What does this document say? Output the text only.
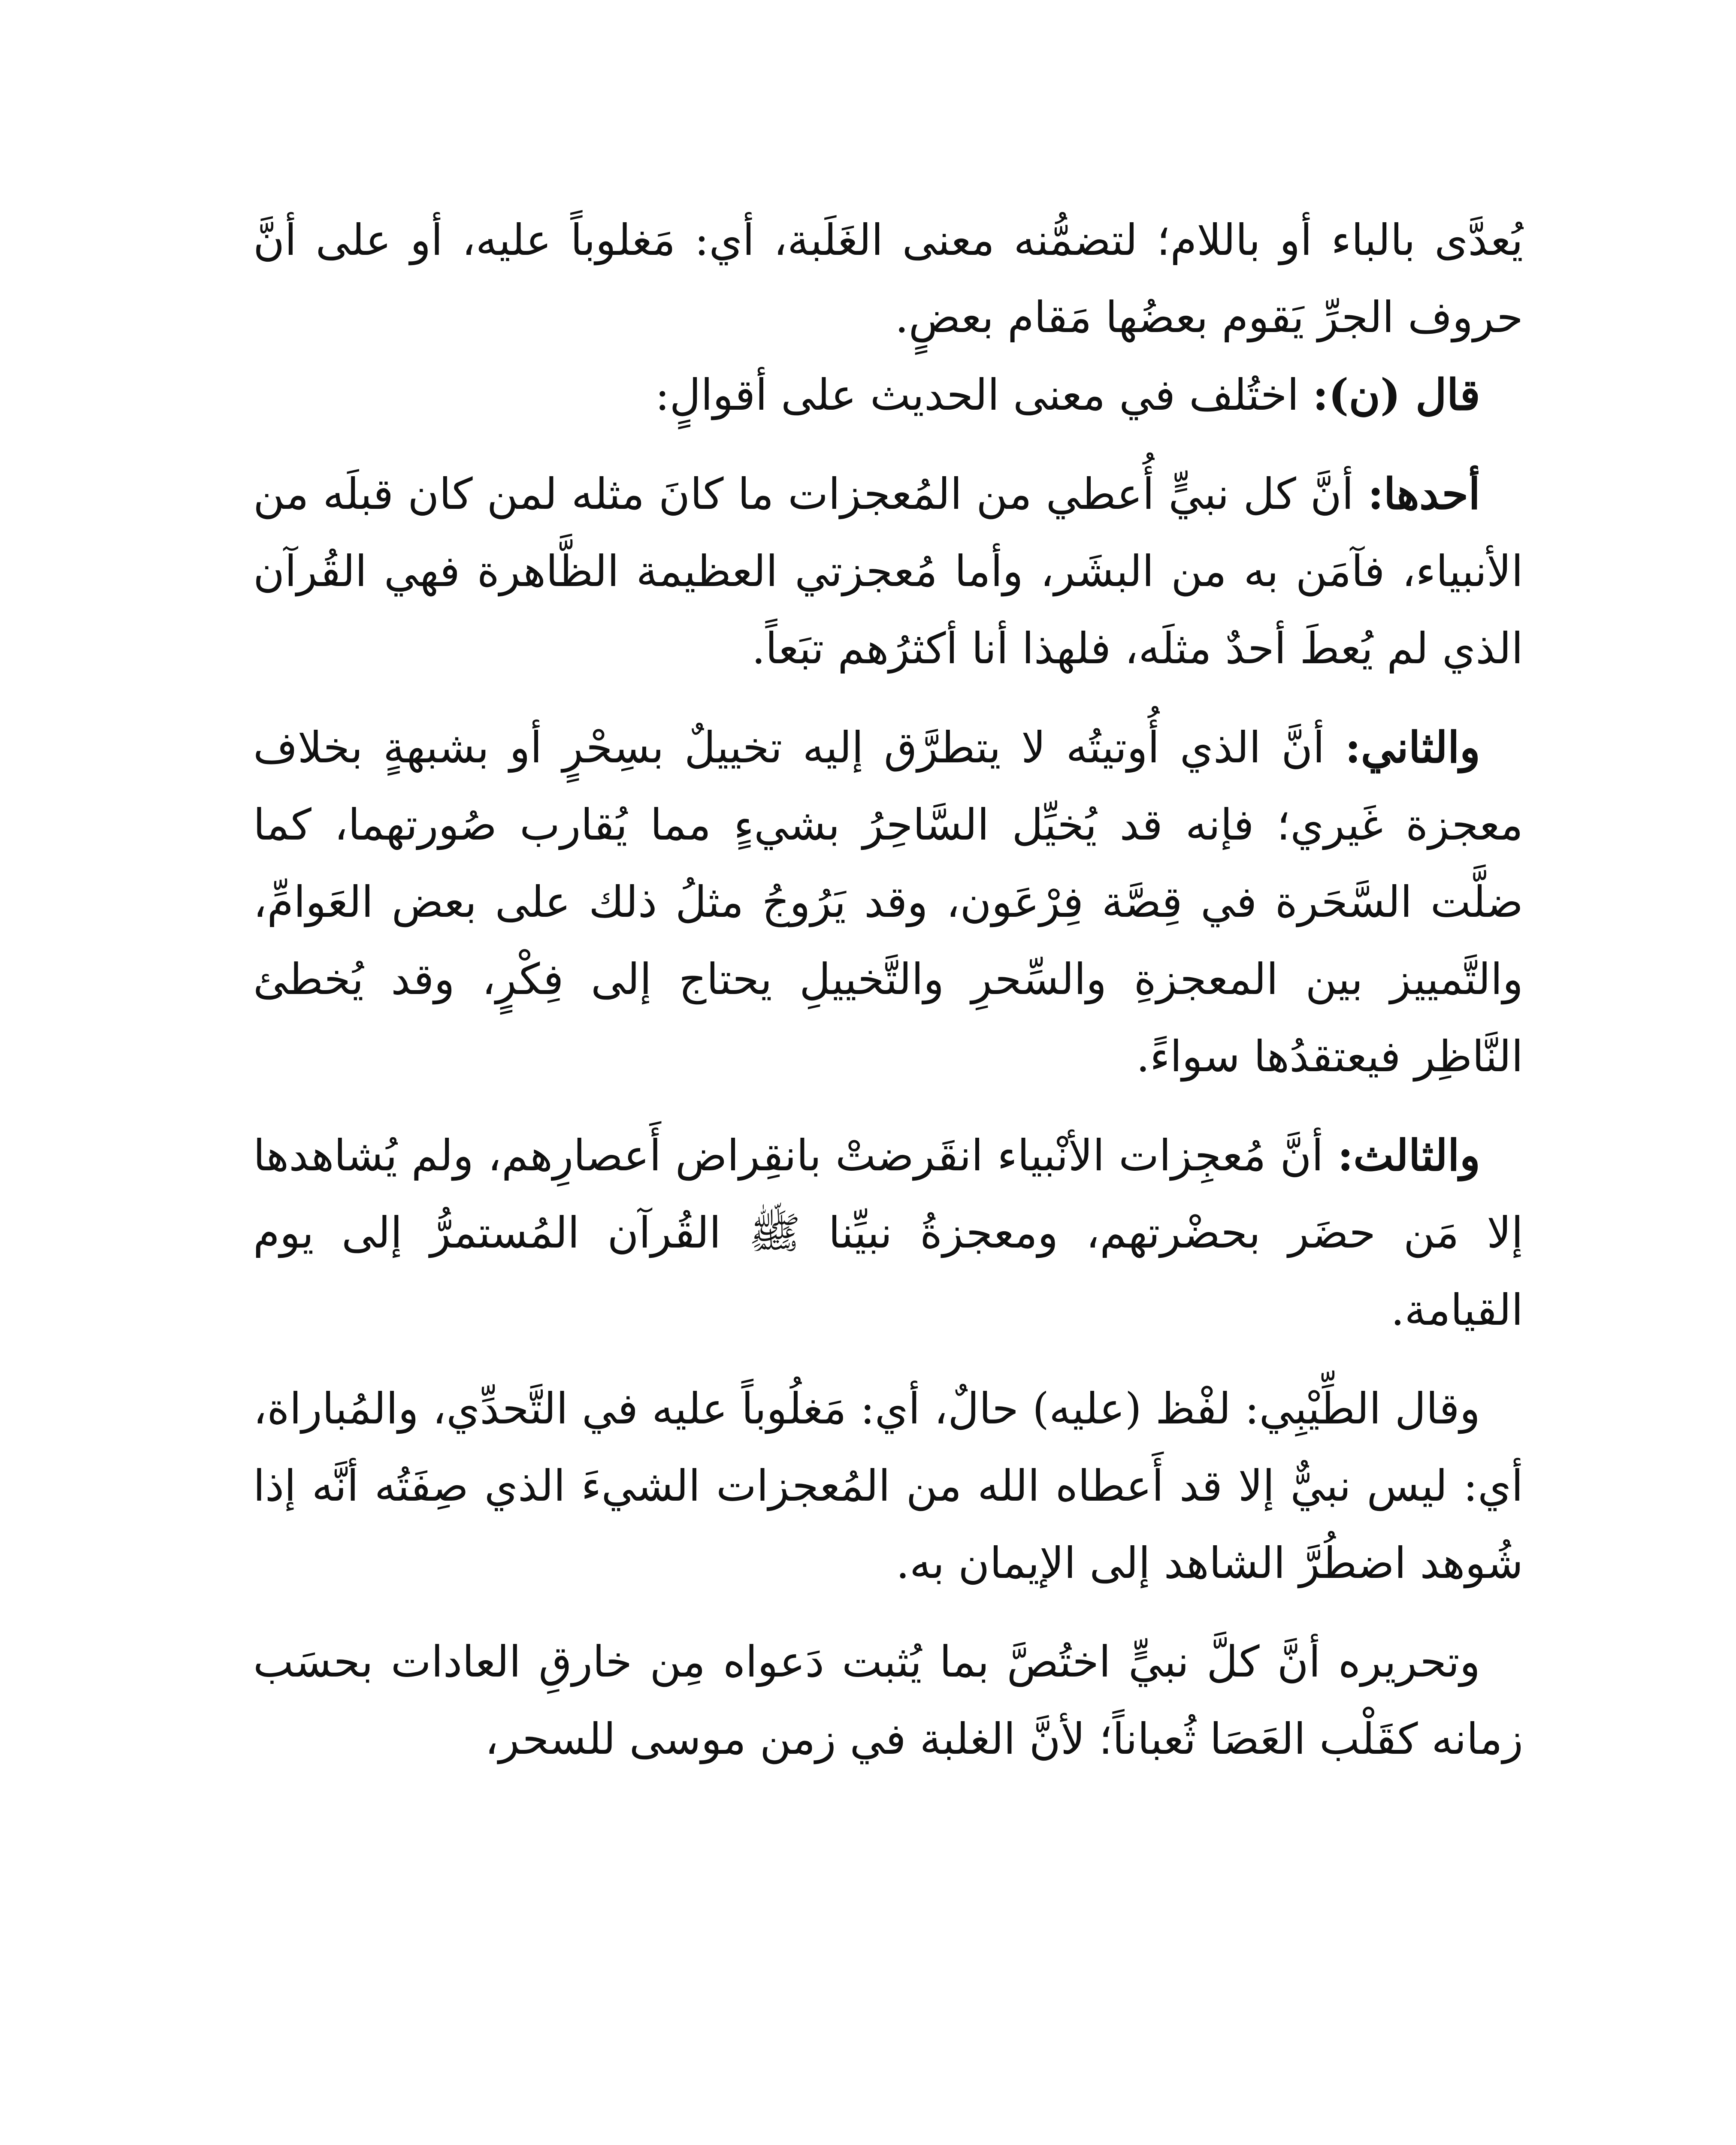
يُعدَّى بالباء أو باللام؛ لتضمُّنه معنى الغَلَبة، أي: مَغلوباً عليه، أو على أنَّ حروف الجرِّ يَقوم بعضُها مَقام بعضٍ.

قال (ن): اختُلف في معنى الحديث على أقوالٍ:

أحدها: أنَّ كل نبيٍّ أُعطي من المُعجزات ما كانَ مثله لمن كان قبلَه من الأنبياء، فآمَن به من البشَر، وأما مُعجزتي العظيمة الظَّاهرة فهي القُرآن الذي لم يُعطَ أحدٌ مثلَه، فلهذا أنا أكثرُهم تبَعاً.

والثاني: أنَّ الذي أُوتيتُه لا يتطرَّق إليه تخييلٌ بسِحْرٍ أو بشبهةٍ بخلاف معجزة غَيري؛ فإنه قد يُخيِّل السَّاحِرُ بشيءٍ مما يُقارب صُورتهما، كما ضلَّت السَّحَرة في قِصَّة فِرْعَون، وقد يَرُوجُ مثلُ ذلك على بعض العَوامِّ، والتَّمييز بين المعجزةِ والسِّحرِ والتَّخييلِ يحتاج إلى فِكْرٍ، وقد يُخطئ النَّاظِر فيعتقدُها سواءً.

والثالث: أنَّ مُعجِزات الأنْبياء انقَرضتْ بانقِراض أَعصارِهم، ولم يُشاهدها إلا مَن حضَر بحضْرتهم، ومعجزةُ نبيِّنا ﷺ القُرآن المُستمرُّ إلى يوم القيامة.

وقال الطِّيْبِي: لفْظ (عليه) حالٌ، أي: مَغلُوباً عليه في التَّحدِّي، والمُباراة، أي: ليس نبيٌّ إلا قد أَعطاه الله من المُعجزات الشيءَ الذي صِفَتُه أنَّه إذا شُوهد اضطُرَّ الشاهد إلى الإيمان به.

وتحريره أنَّ كلَّ نبيٍّ اختُصَّ بما يُثبت دَعواه مِن خارقِ العادات بحسَب زمانه كقَلْب العَصَا ثُعباناً؛ لأنَّ الغلبة في زمن موسى للسحر،
